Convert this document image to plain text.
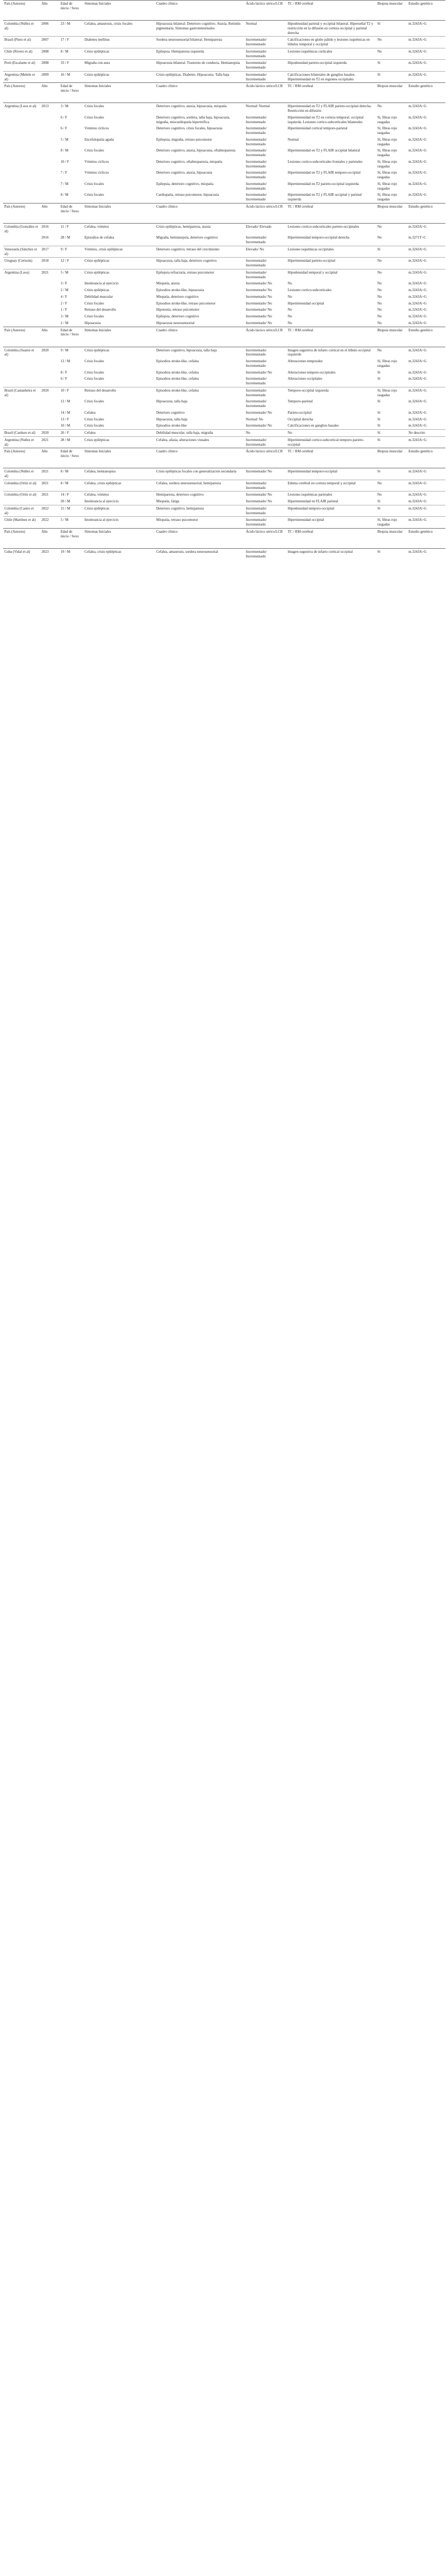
País (Autores)	Año	Edad de inicio / Sexo	Síntomas Iniciales	Cuadro clínico	Ácido láctico sérico/LCR	TC / RM cerebral	Biopsia muscular	Estudio genético
Colombia (Núñez et al)	2006	23 / M	Cefalea, amaurosis, crisis focales	Hipoacusia bilateral. Deterioro cognitivo. Ataxia. Retinitis pigmentaria. Síntomas gastrointestinales	Normal	Hipodensidad parietal y occipital bilateral. Hiperseñal T2 y restricción en la difusión en corteza occipital y parietal derecha	Sí	m.3243A>G
Brasil (Pinto et al)	2007	17 / F	Diabetes mellitus	Sordera neurosensorial bilateral. Hemiparesia	Incrementado/ Incrementado	Calcificaciones en globo pálido y lesiones isquémicas en lóbulos temporal y occipital	No	m.3243A>G
Chile (Rivero et al)	2008	8 / M	Crisis epilépticas	Epilepsia. Hemiparesia izquierda	Incrementado/ Incrementado	Lesiones isquémicas corticales	No	m.3243A>G
Perú (Escalante et al)	2008	33 / F	Migraña con aura	Hipoacusia bilateral. Trastorno de conducta. Hemianopsia	Incrementado/ Incrementado	Hipodensidad parieto-occipital izquierda	Sí	m.3243A>G
Argentina (Mehrle et al)	2009	16 / M	Crisis epilépticas	Crisis epilépticas. Diabetes. Hipoacusia. Talla baja	Incrementado/ Incrementado	Calcificaciones bilaterales de ganglios basales. Hiperintensidad en T2 en regiones occipitales	Sí	m.3243A>G
País (Autores)	Año	Edad de inicio / Sexo	Síntomas Iniciales	Cuadro clínico	Ácido láctico sérico/LCR	TC / RM cerebral	Biopsia muscular	Estudio genético
Argentina (Loos et al)	2013	3 / M	Crisis focales	Deterioro cognitivo, ataxia, hipoacusia, miopatía	Normal/ Normal	Hiperintensidad en T2 y FLAIR parieto-occipital derecha. Restricción en difusión	No	m.3243A>G
		6 / F	Crisis focales	Deterioro cognitivo, sordera, talla baja, hipoacusia, migraña, miocardiopatía hipertrófica	Incrementado/ Incrementado	Hiperintensidad en T2 en corteza temporal, occipital izquierda. Lesiones cortico-subcorticales bilaterales	Sí, fibras rojo rasgadas	m.3243A>G
		6 / F	Vómitos cíclicos	Deterioro cognitivo, crisis focales, hipoacusia	Incrementado/ Incrementado	Hiperintensidad cortical temporo-parietal	Sí, fibras rojo rasgadas	m.3243A>G
		5 / M	Encefalopatía aguda	Epilepsia, migraña, retraso psicomotor	Incrementado/ Incrementado	Normal	Sí, fibras rojo rasgadas	m.3243A>G
		8 / M	Crisis focales	Deterioro cognitivo, ataxia, hipoacusia, oftalmoparesia	Incrementado/ Incrementado	Hiperintensidad en T2 y FLAIR occipital bilateral	Sí, fibras rojo rasgadas	m.3243A>G
		10 / F	Vómitos cíclicos	Deterioro cognitivo, oftalmoparesia, miopatía	Incrementado/ Incrementado	Lesiones cortico-subcorticales frontales y parietales	Sí, fibras rojo rasgadas	m.3243A>G
		7 / F	Vómitos cíclicos	Deterioro cognitivo, ataxia, hipoacusia	Incrementado/ Incrementado	Hiperintensidad en T2 y FLAIR temporo-occipital	Sí, fibras rojo rasgadas	m.3243A>G
		7 / M	Crisis focales	Epilepsia, deterioro cognitivo, miopatía	Incrementado/ Incrementado	Hiperintensidad en T2 parieto-occipital izquierda	Sí, fibras rojo rasgadas	m.3243A>G
		8 / M	Crisis focales	Cardiopatía, retraso psicomotor, hipoacusia	Incrementado/ Incrementado	Hiperintensidad en T2 y FLAIR occipital y parietal izquierda	Sí, fibras rojo rasgadas	m.3243A>G
País (Autores)	Año	Edad de inicio / Sexo	Síntomas Iniciales	Cuadro clínico	Ácido láctico sérico/LCR	TC / RM cerebral	Biopsia muscular	Estudio genético
Colombia (González et al)	2016	11 / F	Cefalea, vómitos	Crisis epilépticas, hemiparesia, ataxia	Elevado/ Elevado	Lesiones cortico-subcorticales parieto-occipitales	No	m.3243A>G
	2016	28 / M	Episodios de cefalea	Migraña, hemianopsia, deterioro cognitivo	Incrementado/ Incrementado	Hiperintensidad temporo-occipital derecha	No	m.3271T>C
Venezuela (Sánchez et al)	2017	9 / F	Vómitos, crisis epilépticas	Deterioro cognitivo, retraso del crecimiento	Elevado/ No	Lesiones isquémicas occipitales	Sí	m.3243A>G
Uruguay (Cerisola)	2018	12 / F	Crisis epilépticas	Hipoacusia, talla baja, deterioro cognitivo	Incrementado/ Incrementado	Hiperintensidad parieto-occipital	No	m.3243A>G
Argentina (Loos)	2021	5 / M	Crisis epilépticas	Epilepsia refractaria, retraso psicomotor	Incrementado/ Incrementado	Hipodensidad temporal y occipital	No	m.3243A>G
		3 / F	Intolerancia al ejercicio	Miopatía, ataxia	Incrementado/ No	No	No	m.3243A>G
		2 / M	Crisis epilépticas	Episodios stroke-like, hipoacusia	Incrementado/ No	Lesiones cortico-subcorticales	No	m.3243A>G
		4 / F	Debilidad muscular	Miopatía, deterioro cognitivo	Incrementado/ No	No	No	m.3243A>G
		2 / F	Crisis focales	Episodios stroke-like, retraso psicomotor	Incrementado/ No	Hiperintensidad occipital	No	m.3243A>G
		1 / F	Retraso del desarrollo	Hipotonía, retraso psicomotor	Incrementado/ No	No	No	m.3243A>G
		3 / M	Crisis focales	Epilepsia, deterioro cognitivo	Incrementado/ No	No	No	m.3243A>G
		2 / M	Hipoacusia	Hipoacusia neurosensorial	Incrementado/ No	No	No	m.3243A>G
País (Autores)	Año	Edad de inicio / Sexo	Síntomas Iniciales	Cuadro clínico	Ácido láctico sérico/LCR	TC / RM cerebral	Biopsia muscular	Estudio genético
Colombia (Suarez et al)	2020	9 / M	Crisis epilépticas	Deterioro cognitivo, hipoacusia, talla baja	Incrementado/ Incrementado	Imagen sugestiva de infarto cortical en el lóbulo occipital izquierdo	No	m.3243A>G
		12 / M	Crisis focales	Episodios stroke-like, cefalea	Incrementado/ Incrementado	Alteraciones temporales	Sí, fibras rojo rasgadas	m.3243A>G
		8 / F	Crisis focales	Episodios stroke-like, cefalea	Incrementado/ No	Alteraciones temporo-occipitales	Sí	m.3243A>G
		6 / F	Crisis focales	Episodios stroke-like, cefalea	Incrementado/ Incrementado	Alteraciones occipitales	Sí	m.3243A>G
Brasil (Castanheira et al)	2020	10 / F	Retraso del desarrollo	Episodios stroke-like, cefalea	Incrementado/ Incrementado	Temporo-occipital izquierda	Sí, fibras rojo rasgadas	m.3243A>G
		12 / M	Crisis focales	Hipoacusia, talla baja	Incrementado/ Incrementado	Temporo-parietal	Sí	m.3243A>G
		14 / M	Cefalea	Deterioro cognitivo	Incrementado/ No	Parieto-occipital	Sí	m.3243A>G
		13 / F	Crisis focales	Hipoacusia, talla baja	Normal/ No	Occipital derecha	Sí	m.3243A>G
		10 / M	Crisis focales	Episodios stroke-like	Incrementado/ No	Calcificaciones en ganglios basales	Sí	m.3243A>G
Brasil (Cardoso et al)	2020	26 / F	Cefalea	Debilidad muscular, talla baja, migraña	No	No	Sí	No descrito
Argentina (Nuñez et al)	2021	28 / M	Crisis epilépticas	Cefalea, afasia, alteraciones visuales	Incrementado/ Incrementado	Hiperintensidad cortico-subcortical temporo-parieto-occipital	Sí	m.3243A>G
País (Autores)	Año	Edad de inicio / Sexo	Síntomas Iniciales	Cuadro clínico	Ácido láctico sérico/LCR	TC / RM cerebral	Biopsia muscular	Estudio genético
Colombia (Núñez et al)	2021	8 / M	Cefalea, hemianopsia	Crisis epilépticas focales con generalización secundaria	Incrementado/ No	Hiperintensidad temporo-occipital	Sí	m.3243A>G
Colombia (Ortíz et al)	2021	8 / M	Cefalea, crisis epilépticas	Cefalea, sordera neurosensorial, hemiparesia	Incrementado/ Incrementado	Edema cerebral en corteza temporal y occipital	No	m.3243A>G
Colombia (Ortíz et al)	2021	14 / F	Cefalea, vómitos	Hemiparesia, deterioro cognitivo	Incrementado/ No	Lesiones isquémicas parietales	No	m.3243A>G
		20 / M	Intolerancia al ejercicio	Miopatía, fatiga	Incrementado/ No	Hiperintensidad en FLAIR parietal	Sí	m.3243A>G
Colombia (Castro et al)	2022	15 / M	Crisis epilépticas	Deterioro cognitivo, hemiparesia	Incrementado/ Incrementado	Hipodensidad temporo-occipital	Sí	m.3243A>G
Chile (Martínez et al)	2022	5 / M	Intolerancia al ejercicio	Miopatía, retraso psicomotor	Incrementado/ Incrementado	Hiperintensidad occipital	Sí, fibras rojo rasgadas	m.3243A>G
País (Autores)	Año	Edad de inicio / Sexo	Síntomas Iniciales	Cuadro clínico	Ácido láctico sérico/LCR	TC / RM cerebral	Biopsia muscular	Estudio genético
Cuba (Vidal et al)	2023	19 / M	Cefalea, crisis epilépticas	Cefalea, amaurosis, sordera neurosensorial	Incrementado/ Incrementado	Imagen sugestiva de infarto cortical occipital	Sí	m.3243A>G
